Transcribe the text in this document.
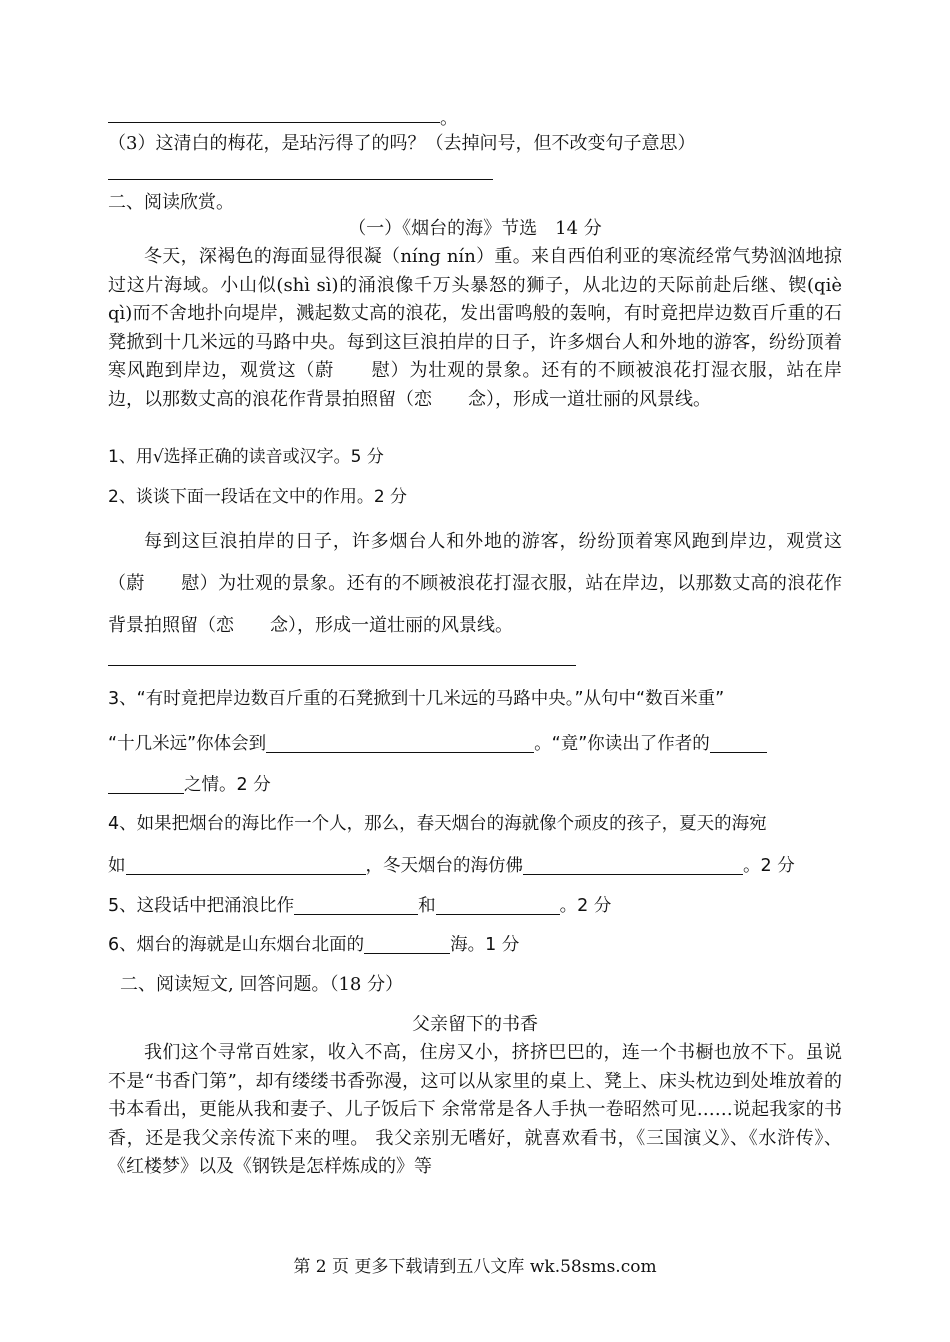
。
（3）这清白的梅花，是玷污得了的吗？（去掉问号，但不改变句子意思）
二、阅读欣赏。
（一）《烟台的海》节选　14 分
冬天，深褐色的海面显得很凝（nínɡ nín）重。来自西伯利亚的寒流经常气势汹汹地掠过这片海域。小山似(shì sì)的涌浪像千万头暴怒的狮子，从北边的天际前赴后继、锲(qiè　qì)而不舍地扑向堤岸，溅起数丈高的浪花，发出雷鸣般的轰响，有时竟把岸边数百斤重的石凳掀到十几米远的马路中央。每到这巨浪拍岸的日子，许多烟台人和外地的游客，纷纷顶着寒风跑到岸边，观赏这（蔚　　慰）为壮观的景象。还有的不顾被浪花打湿衣服，站在岸边，以那数丈高的浪花作背景拍照留（恋　　念），形成一道壮丽的风景线。
1、用√选择正确的读音或汉字。5 分
2、谈谈下面一段话在文中的作用。2 分
每到这巨浪拍岸的日子，许多烟台人和外地的游客，纷纷顶着寒风跑到岸边，观赏这（蔚　　慰）为壮观的景象。还有的不顾被浪花打湿衣服，站在岸边，以那数丈高的浪花作背景拍照留（恋　　念），形成一道壮丽的风景线。
3、“有时竟把岸边数百斤重的石凳掀到十几米远的马路中央。”从句中“数百米重”
“十几米远”你体会到	。“竟”你读出了作者的
之情。2 分
4、如果把烟台的海比作一个人，那么，春天烟台的海就像个顽皮的孩子，夏天的海宛
如	，冬天烟台的海仿佛	。2 分
5、这段话中把涌浪比作	和	。2 分
6、烟台的海就是山东烟台北面的	海。1 分
二、阅读短文, 回答问题。（18 分）
父亲留下的书香
我们这个寻常百姓家，收入不高，住房又小，挤挤巴巴的，连一个书橱也放不下。虽说不是“书香门第”，却有缕缕书香弥漫，这可以从家里的桌上、凳上、床头枕边到处堆放着的书本看出，更能从我和妻子、儿子饭后下 余常常是各人手执一卷昭然可见……说起我家的书香，还是我父亲传流下来的哩。 我父亲别无嗜好，就喜欢看书，《三国演义》、《水浒传》、《红楼梦》以及《钢铁是怎样炼成的》等
第 2 页 更多下载请到五八文库 wk.58sms.com
